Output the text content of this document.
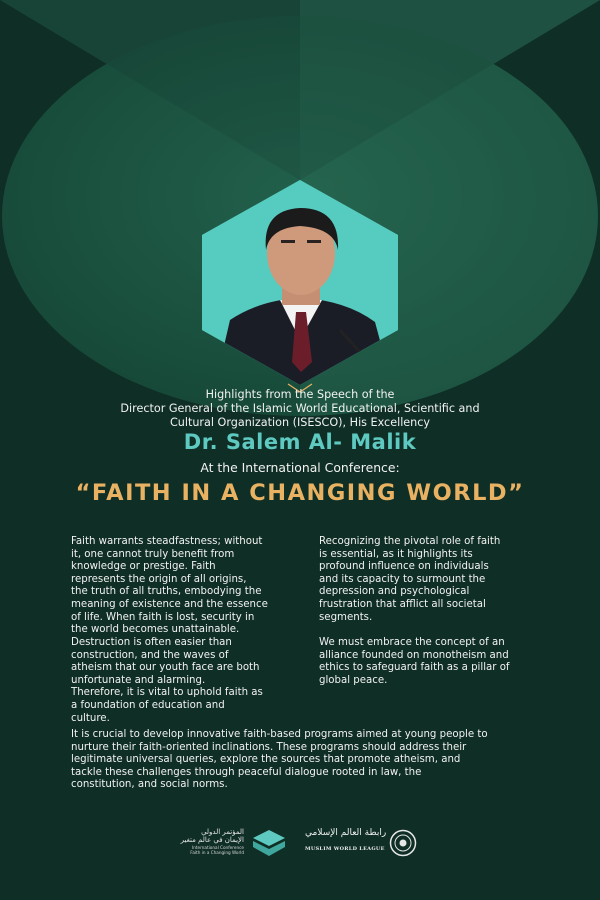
Highlights from the Speech of the
Director General of the Islamic World Educational, Scientific and
Cultural Organization (ISESCO), His Excellency
Dr. Salem Al- Malik
At the International Conference:
“FAITH IN A CHANGING WORLD”

Faith warrants steadfastness; without
it, one cannot truly benefit from
knowledge or prestige. Faith
represents the origin of all origins,
the truth of all truths, embodying the
meaning of existence and the essence
of life. When faith is lost, security in
the world becomes unattainable.

Destruction is often easier than
construction, and the waves of
atheism that our youth face are both
unfortunate and alarming.
Therefore, it is vital to uphold faith as
a foundation of education and
culture.

Recognizing the pivotal role of faith
is essential, as it highlights its
profound influence on individuals
and its capacity to surmount the
depression and psychological
frustration that afflict all societal
segments.

We must embrace the concept of an
alliance founded on monotheism and
ethics to safeguard faith as a pillar of
global peace.

It is crucial to develop innovative faith-based programs aimed at young people to
nurture their faith-oriented inclinations. These programs should address their
legitimate universal queries, explore the sources that promote atheism, and
tackle these challenges through peaceful dialogue rooted in law, the
constitution, and social norms.

المؤتمر الدولي
الإيمان في عالم متغير
International Conference
Faith in a Changing World
رابطة العالم الإسلامي
MUSLIM WORLD LEAGUE
